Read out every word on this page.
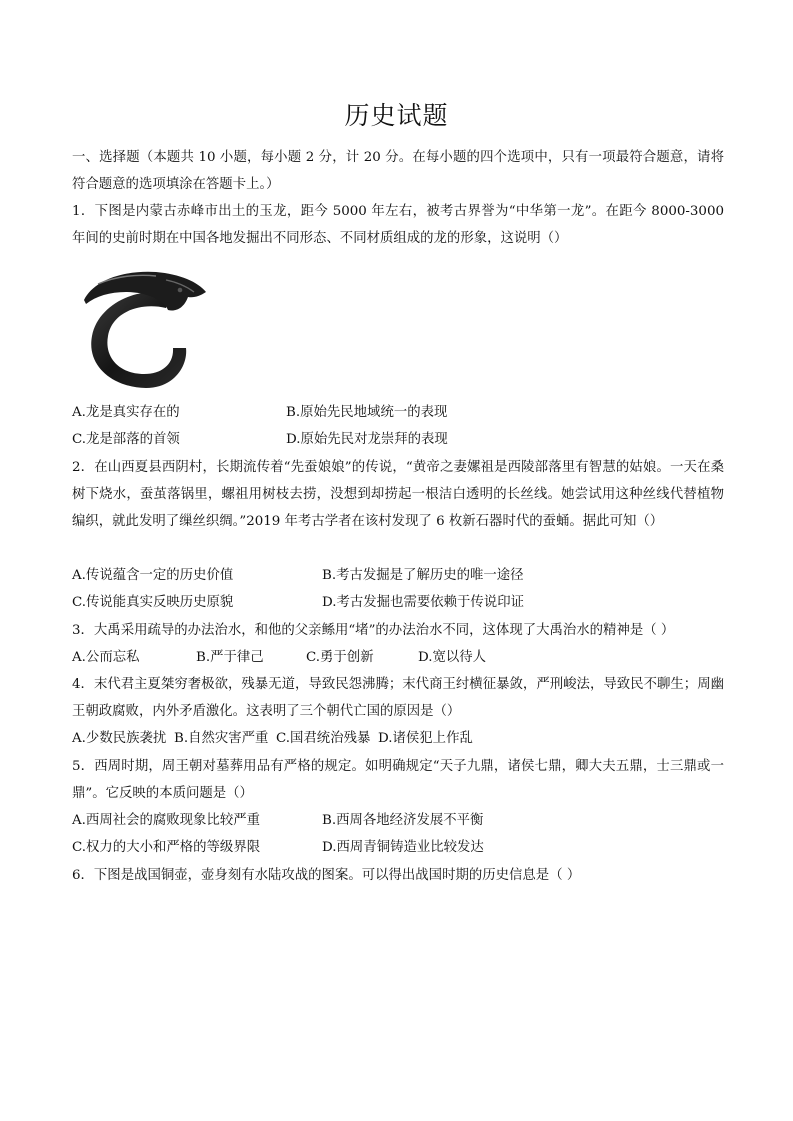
历史试题
一、选择题（本题共 10 小题，每小题 2 分，计 20 分。在每小题的四个选项中，只有一项最符合题意，请将符合题意的选项填涂在答题卡上。）
1．下图是内蒙古赤峰市出土的玉龙，距今 5000 年左右，被考古界誉为“中华第一龙”。在距今 8000-3000 年间的史前时期在中国各地发掘出不同形态、不同材质组成的龙的形象，这说明（）
A.龙是真实存在的	B.原始先民地域统一的表现
C.龙是部落的首领	D.原始先民对龙崇拜的表现
2．在山西夏县西阴村，长期流传着“先蚕娘娘”的传说，“黄帝之妻嫘祖是西陵部落里有智慧的姑娘。一天在桑树下烧水，蚕茧落锅里，螺祖用树枝去捞，没想到却捞起一根洁白透明的长丝线。她尝试用这种丝线代替植物编织，就此发明了缫丝织绸。”2019 年考古学者在该村发现了 6 枚新石器时代的蚕蛹。据此可知（）
A.传说蕴含一定的历史价值	B.考古发掘是了解历史的唯一途径
C.传说能真实反映历史原貌	D.考古发掘也需要依赖于传说印证
3．大禹采用疏导的办法治水，和他的父亲鲧用“堵”的办法治水不同，这体现了大禹治水的精神是（ ）
A.公而忘私	B.严于律己	C.勇于创新	D.宽以待人
4．末代君主夏桀穷奢极欲，残暴无道，导致民怨沸腾；末代商王纣横征暴敛，严刑峻法，导致民不聊生；周幽王朝政腐败，内外矛盾激化。这表明了三个朝代亡国的原因是（）
A.少数民族袭扰 B.自然灾害严重 C.国君统治残暴 D.诸侯犯上作乱
5．西周时期，周王朝对墓葬用品有严格的规定。如明确规定“天子九鼎，诸侯七鼎，卿大夫五鼎，士三鼎或一鼎”。它反映的本质问题是（）
A.西周社会的腐败现象比较严重	B.西周各地经济发展不平衡
C.权力的大小和严格的等级界限	D.西周青铜铸造业比较发达
6．下图是战国铜壶，壶身刻有水陆攻战的图案。可以得出战国时期的历史信息是（ ）
